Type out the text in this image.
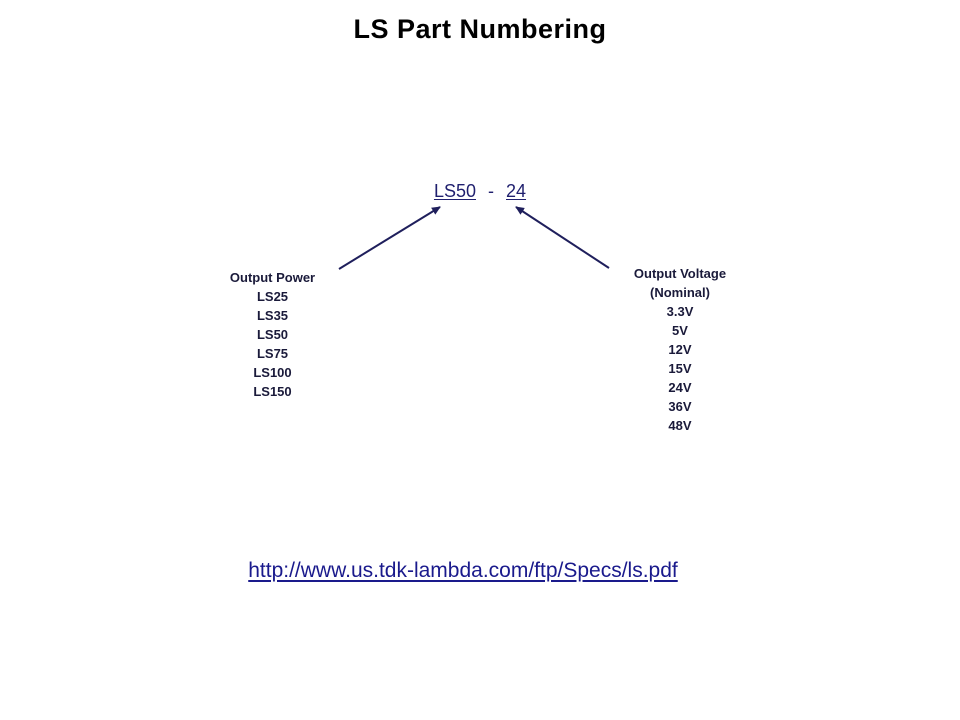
LS Part Numbering
LS50 - 24
Output Power
LS25
LS35
LS50
LS75
LS100
LS150
Output Voltage
(Nominal)
3.3V
5V
12V
15V
24V
36V
48V
http://www.us.tdk-lambda.com/ftp/Specs/ls.pdf
